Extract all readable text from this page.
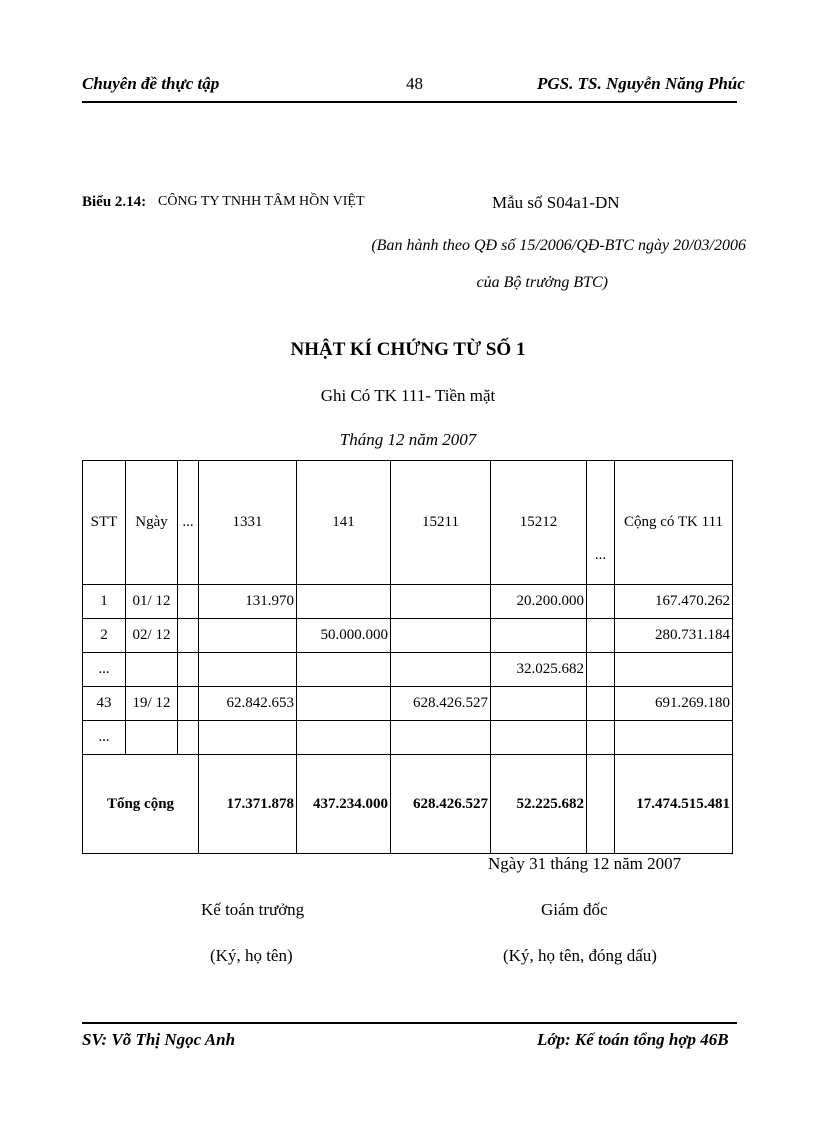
Chuyên đề thực tập	48	PGS. TS. Nguyễn Năng Phúc
Biểu 2.14: CÔNG TY TNHH TÂM HỒN VIỆT	Mẫu số S04a1-DN
(Ban hành theo QĐ số 15/2006/QĐ-BTC ngày 20/03/2006
của Bộ trưởng BTC)
NHẬT KÍ CHỨNG TỪ SỐ 1
Ghi Có TK 111- Tiền mặt
Tháng 12 năm 2007
STT	Ngày	...	1331	141	15211	15212	...	Cộng có TK 111
1	01/ 12		131.970			20.200.000		167.470.262
2	02/ 12			50.000.000				280.731.184
...						32.025.682		
43	19/ 12		62.842.653		628.426.527			691.269.180
...								
Tổng cộng			17.371.878	437.234.000	628.426.527	52.225.682		17.474.515.481
Ngày 31 tháng 12 năm 2007
Kế toán trưởng	Giám đốc
(Ký, họ tên)	(Ký, họ tên, đóng dấu)
SV: Võ Thị Ngọc Anh	Lớp: Kế toán tổng hợp 46B
